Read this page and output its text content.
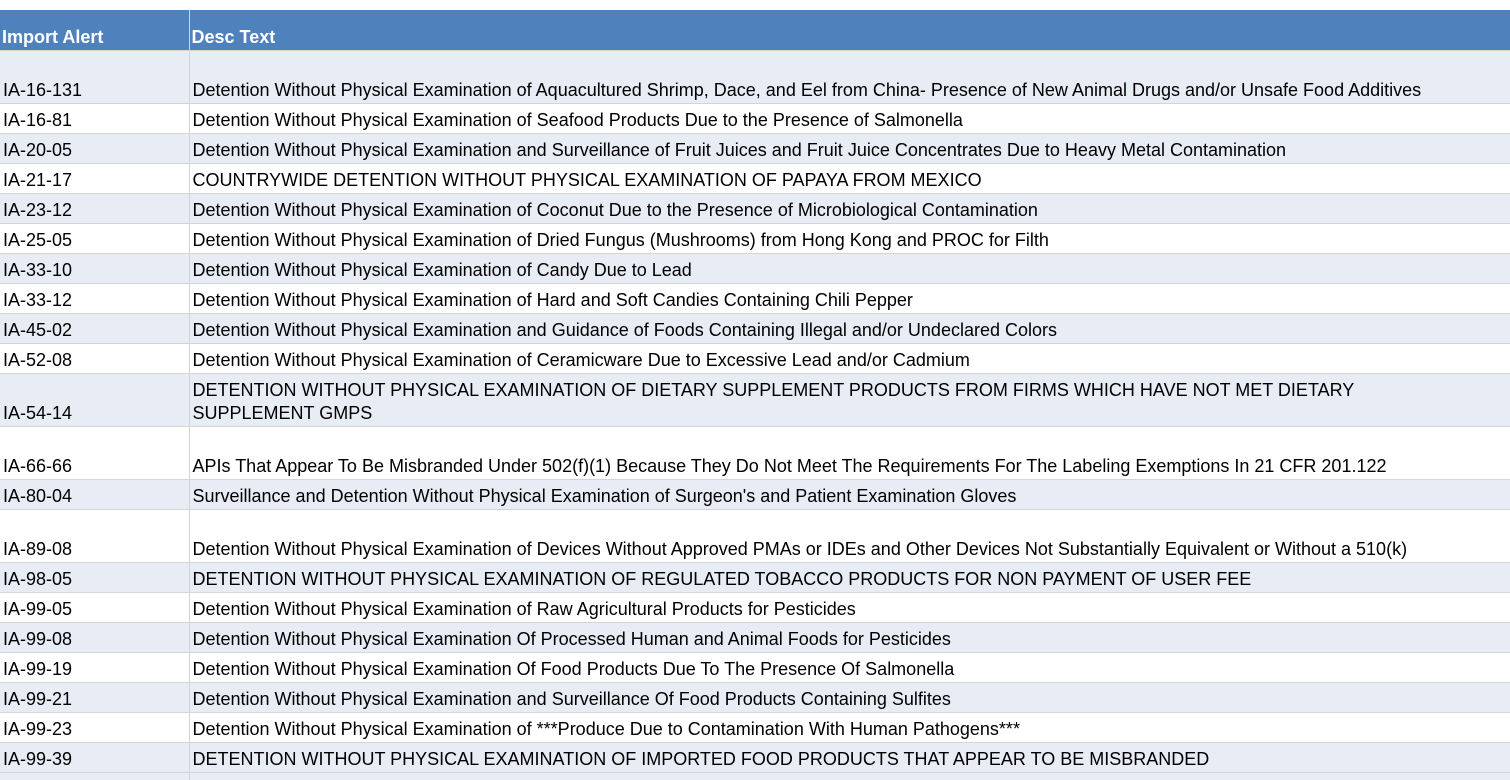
Import Alert	Desc Text

IA-16-131	Detention Without Physical Examination of Aquacultured Shrimp, Dace, and Eel from China- Presence of New Animal Drugs and/or Unsafe Food Additives
IA-16-81	Detention Without Physical Examination of Seafood Products Due to the Presence of Salmonella
IA-20-05	Detention Without Physical Examination and Surveillance of Fruit Juices and Fruit Juice Concentrates Due to Heavy Metal Contamination
IA-21-17	COUNTRYWIDE DETENTION WITHOUT PHYSICAL EXAMINATION OF PAPAYA FROM MEXICO
IA-23-12	Detention Without Physical Examination of Coconut Due to the Presence of Microbiological Contamination
IA-25-05	Detention Without Physical Examination of Dried Fungus (Mushrooms) from Hong Kong and PROC for Filth
IA-33-10	Detention Without Physical Examination of Candy Due to Lead
IA-33-12	Detention Without Physical Examination of Hard and Soft Candies Containing Chili Pepper
IA-45-02	Detention Without Physical Examination and Guidance of Foods Containing Illegal and/or Undeclared Colors
IA-52-08	Detention Without Physical Examination of Ceramicware Due to Excessive Lead and/or Cadmium
IA-54-14	DETENTION WITHOUT PHYSICAL EXAMINATION OF DIETARY SUPPLEMENT PRODUCTS FROM FIRMS WHICH HAVE NOT MET DIETARY SUPPLEMENT GMPS
IA-66-66	APIs That Appear To Be Misbranded Under 502(f)(1) Because They Do Not Meet The Requirements For The Labeling Exemptions In 21 CFR 201.122
IA-80-04	Surveillance and Detention Without Physical Examination of Surgeon's and Patient Examination Gloves
IA-89-08	Detention Without Physical Examination of Devices Without Approved PMAs or IDEs and Other Devices Not Substantially Equivalent or Without a 510(k)
IA-98-05	DETENTION WITHOUT PHYSICAL EXAMINATION OF REGULATED TOBACCO PRODUCTS FOR NON PAYMENT OF USER FEE
IA-99-05	Detention Without Physical Examination of Raw Agricultural Products for Pesticides
IA-99-08	Detention Without Physical Examination Of Processed Human and Animal Foods for Pesticides
IA-99-19	Detention Without Physical Examination Of Food Products Due To The Presence Of Salmonella
IA-99-21	Detention Without Physical Examination and Surveillance Of Food Products Containing Sulfites
IA-99-23	Detention Without Physical Examination of ***Produce Due to Contamination With Human Pathogens***
IA-99-39	DETENTION WITHOUT PHYSICAL EXAMINATION OF IMPORTED FOOD PRODUCTS THAT APPEAR TO BE MISBRANDED
